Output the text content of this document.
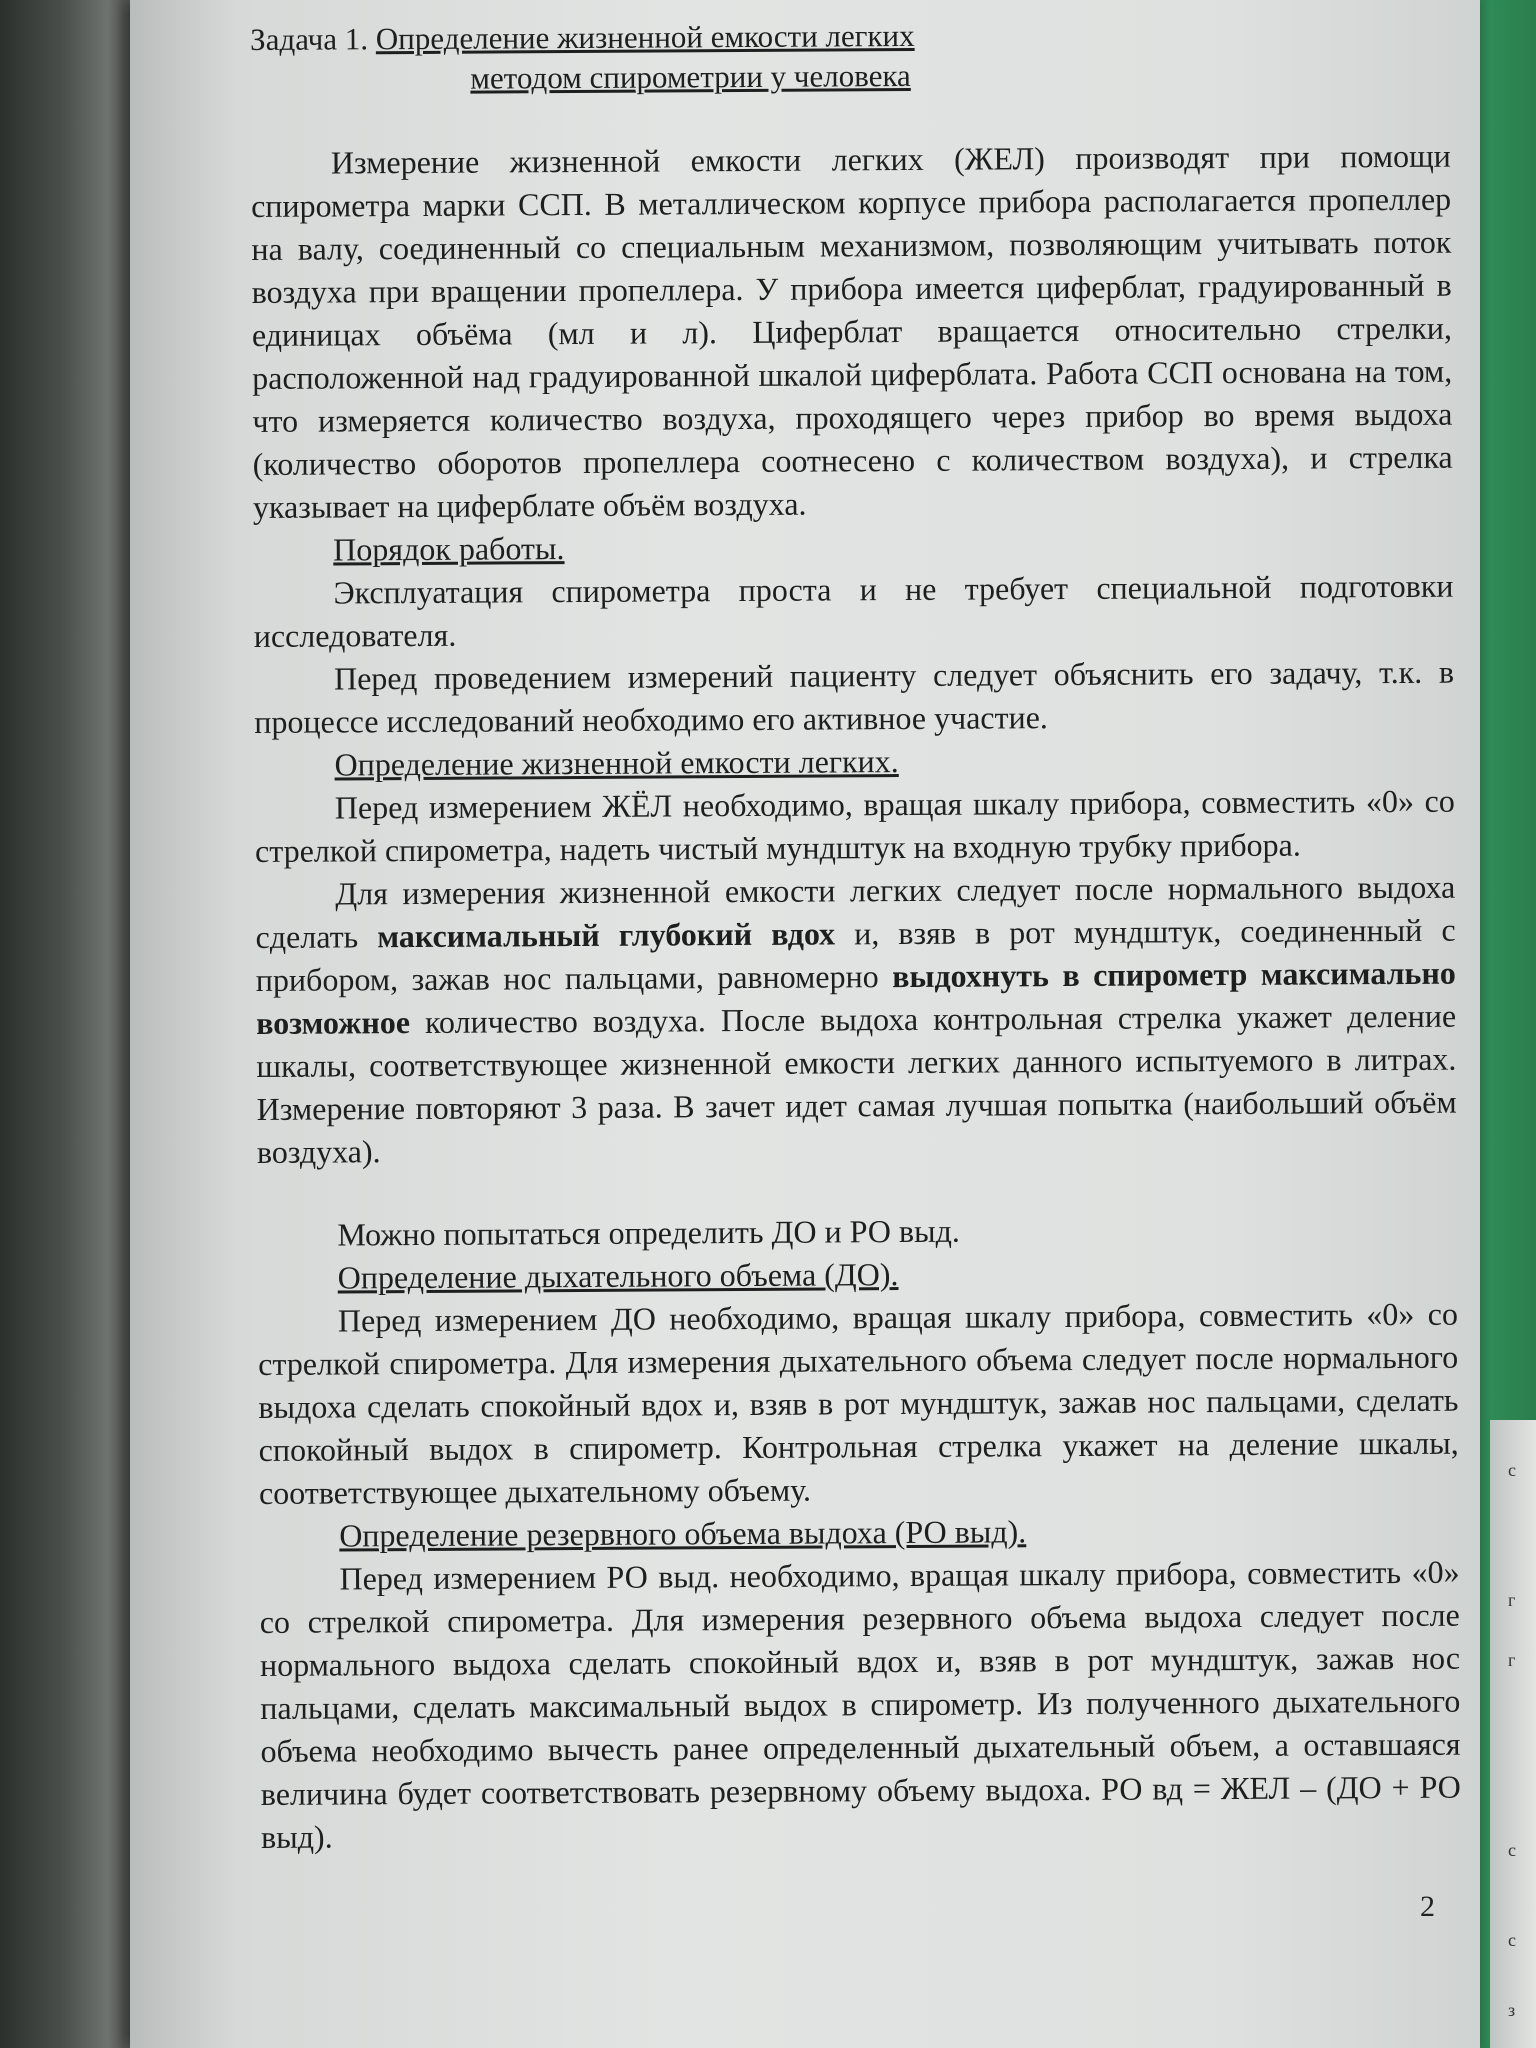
с
г
г
с
с
з
Задача 1. Определение жизненной емкости легких
методом спирометрии у человека

Измерение жизненной емкости легких (ЖЕЛ) производят при помощи спирометра марки ССП. В металлическом корпусе прибора располагается пропеллер на валу, соединенный со специальным механизмом, позволяющим учитывать поток воздуха при вращении пропеллера. У прибора имеется циферблат, градуированный в единицах объёма (мл и л). Циферблат вращается относительно стрелки, расположенной над градуированной шкалой циферблата. Работа ССП основана на том, что измеряется количество воздуха, проходящего через прибор во время выдоха (количество оборотов пропеллера соотнесено с количеством воздуха), и стрелка указывает на циферблате объём воздуха.

Порядок работы.

Эксплуатация спирометра проста и не требует специальной подготовки исследователя.

Перед проведением измерений пациенту следует объяснить его задачу, т.к. в процессе исследований необходимо его активное участие.

Определение жизненной емкости легких.

Перед измерением ЖЁЛ необходимо, вращая шкалу прибора, совместить «0» со стрелкой спирометра, надеть чистый мундштук на входную трубку прибора.

Для измерения жизненной емкости легких следует после нормального выдоха сделать максимальный глубокий вдох и, взяв в рот мундштук, соединенный с прибором, зажав нос пальцами, равномерно выдохнуть в спирометр максимально возможное количество воздуха. После выдоха контрольная стрелка укажет деление шкалы, соответствующее жизненной емкости легких данного испытуемого в литрах. Измерение повторяют 3 раза. В зачет идет самая лучшая попытка (наибольший объём воздуха).

Можно попытаться определить ДО и РО выд.

Определение дыхательного объема (ДО).

Перед измерением ДО необходимо, вращая шкалу прибора, совместить «0» со стрелкой спирометра. Для измерения дыхательного объема следует после нормального выдоха сделать спокойный вдох и, взяв в рот мундштук, зажав нос пальцами, сделать спокойный выдох в спирометр. Контрольная стрелка укажет на деление шкалы, соответствующее дыхательному объему.

Определение резервного объема выдоха (РО выд).

Перед измерением РО выд. необходимо, вращая шкалу прибора, совместить «0» со стрелкой спирометра. Для измерения резервного объема выдоха следует после нормального выдоха сделать спокойный вдох и, взяв в рот мундштук, зажав нос пальцами, сделать максимальный выдох в спирометр. Из полученного дыхательного объема необходимо вычесть ранее определенный дыхательный объем, а оставшаяся величина будет соответствовать резервному объему выдоха. РО вд = ЖЕЛ – (ДО + РО выд).

2
